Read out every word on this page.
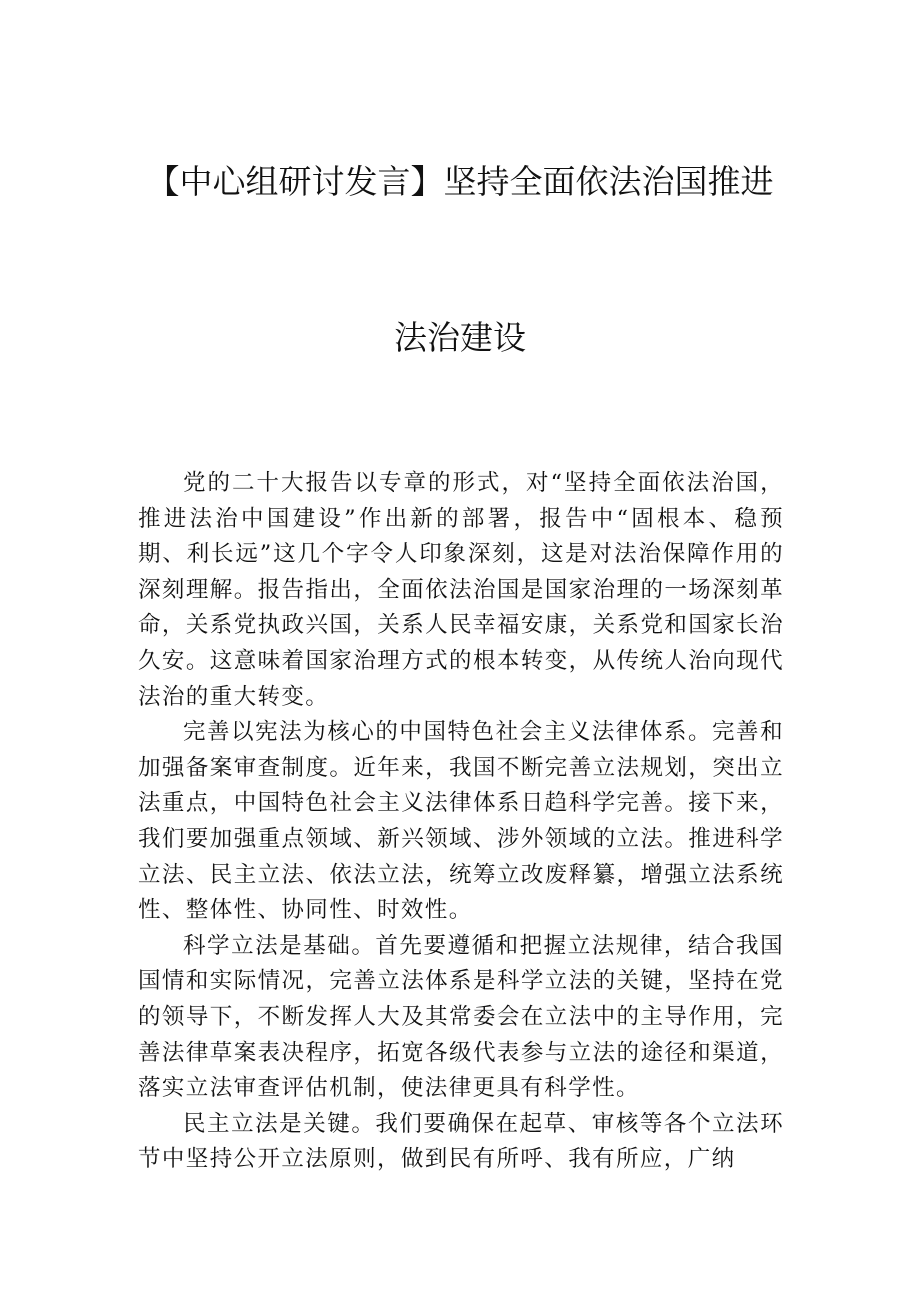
【中心组研讨发言】坚持全面依法治国推进
法治建设

党的二十大报告以专章的形式，对“坚持全面依法治国，推进法治中国建设”作出新的部署，报告中“固根本、稳预期、利长远”这几个字令人印象深刻，这是对法治保障作用的深刻理解。报告指出，全面依法治国是国家治理的一场深刻革命，关系党执政兴国，关系人民幸福安康，关系党和国家长治久安。这意味着国家治理方式的根本转变，从传统人治向现代法治的重大转变。

完善以宪法为核心的中国特色社会主义法律体系。完善和加强备案审查制度。近年来，我国不断完善立法规划，突出立法重点，中国特色社会主义法律体系日趋科学完善。接下来，我们要加强重点领域、新兴领域、涉外领域的立法。推进科学立法、民主立法、依法立法，统筹立改废释纂，增强立法系统性、整体性、协同性、时效性。

科学立法是基础。首先要遵循和把握立法规律，结合我国国情和实际情况，完善立法体系是科学立法的关键，坚持在党的领导下，不断发挥人大及其常委会在立法中的主导作用，完善法律草案表决程序，拓宽各级代表参与立法的途径和渠道，落实立法审查评估机制，使法律更具有科学性。

民主立法是关键。我们要确保在起草、审核等各个立法环节中坚持公开立法原则，做到民有所呼、我有所应，广纳
